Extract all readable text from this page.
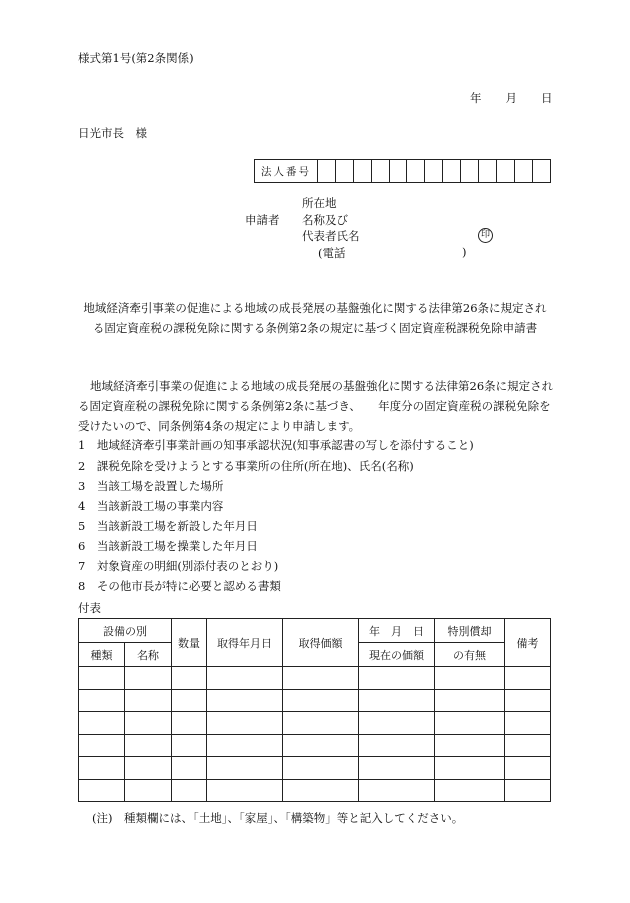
様式第1号(第2条関係)
年 月 日
日光市長　様
法人番号													
所在地
申請者 名称及び
代表者氏名	印
(電話	)
地域経済牽引事業の促進による地域の成長発展の基盤強化に関する法律第26条に規定され
る固定資産税の課税免除に関する条例第2条の規定に基づく固定資産税課税免除申請書
地域経済牽引事業の促進による地域の成長発展の基盤強化に関する法律第26条に規定される固定資産税の課税免除に関する条例第2条に基づき、　　年度分の固定資産税の課税免除を受けたいので、同条例第4条の規定により申請します。
1　地域経済牽引事業計画の知事承認状況(知事承認書の写しを添付すること)
2　課税免除を受けようとする事業所の住所(所在地)、氏名(名称)
3　当該工場を設置した場所
4　当該新設工場の事業内容
5　当該新設工場を新設した年月日
6　当該新設工場を操業した年月日
7　対象資産の明細(別添付表のとおり)
8　その他市長が特に必要と認める書類
付表
設備の別		数量	取得年月日	取得価額	年　月　日	特別償却	備考
種類	名称				現在の価額	の有無	

(注)　種類欄には、「土地」、「家屋」、「構築物」等と記入してください。
